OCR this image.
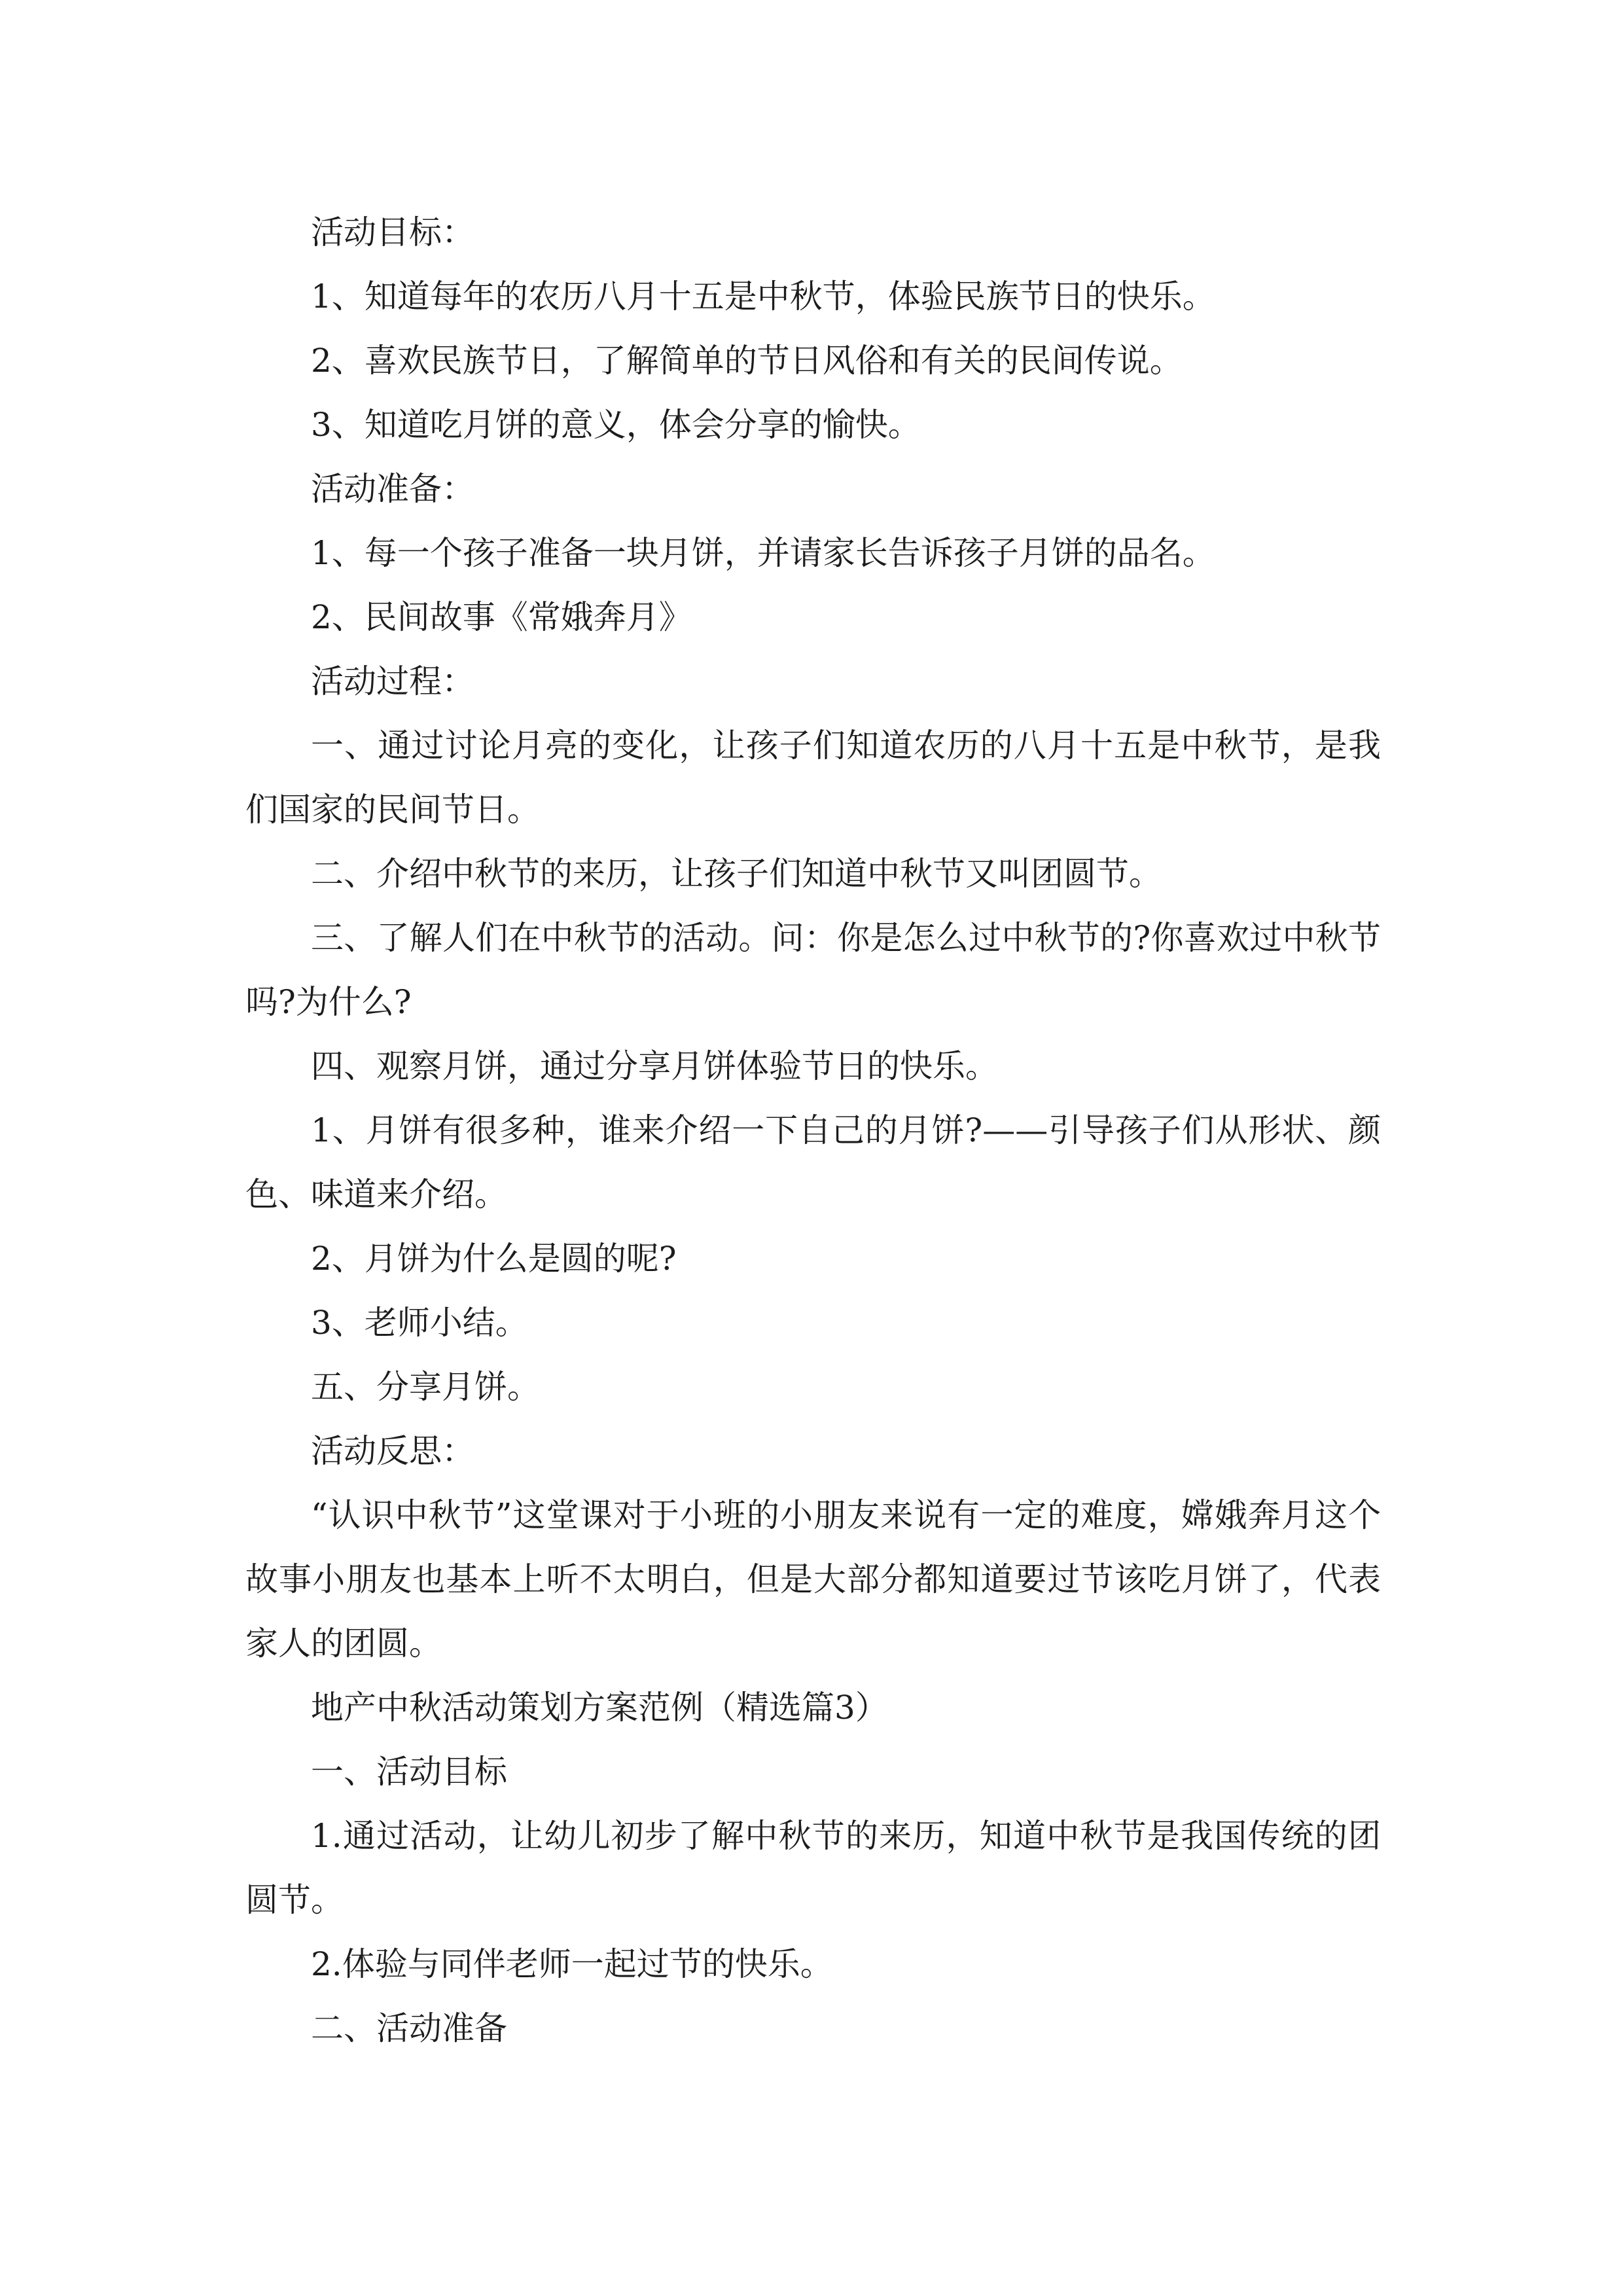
活动目标：

1、知道每年的农历八月十五是中秋节，体验民族节日的快乐。

2、喜欢民族节日，了解简单的节日风俗和有关的民间传说。

3、知道吃月饼的意义，体会分享的愉快。

活动准备：

1、每一个孩子准备一块月饼，并请家长告诉孩子月饼的品名。

2、民间故事《常娥奔月》

活动过程：

一、通过讨论月亮的变化，让孩子们知道农历的八月十五是中秋节，是我们国家的民间节日。

二、介绍中秋节的来历，让孩子们知道中秋节又叫团圆节。

三、了解人们在中秋节的活动。问：你是怎么过中秋节的?你喜欢过中秋节吗?为什么?

四、观察月饼，通过分享月饼体验节日的快乐。

1、月饼有很多种，谁来介绍一下自己的月饼?——引导孩子们从形状、颜色、味道来介绍。

2、月饼为什么是圆的呢?

3、老师小结。

五、分享月饼。

活动反思：

“认识中秋节”这堂课对于小班的小朋友来说有一定的难度，嫦娥奔月这个故事小朋友也基本上听不太明白，但是大部分都知道要过节该吃月饼了，代表家人的团圆。

地产中秋活动策划方案范例（精选篇3）

一、活动目标

1.通过活动，让幼儿初步了解中秋节的来历，知道中秋节是我国传统的团圆节。

2.体验与同伴老师一起过节的快乐。

二、活动准备
